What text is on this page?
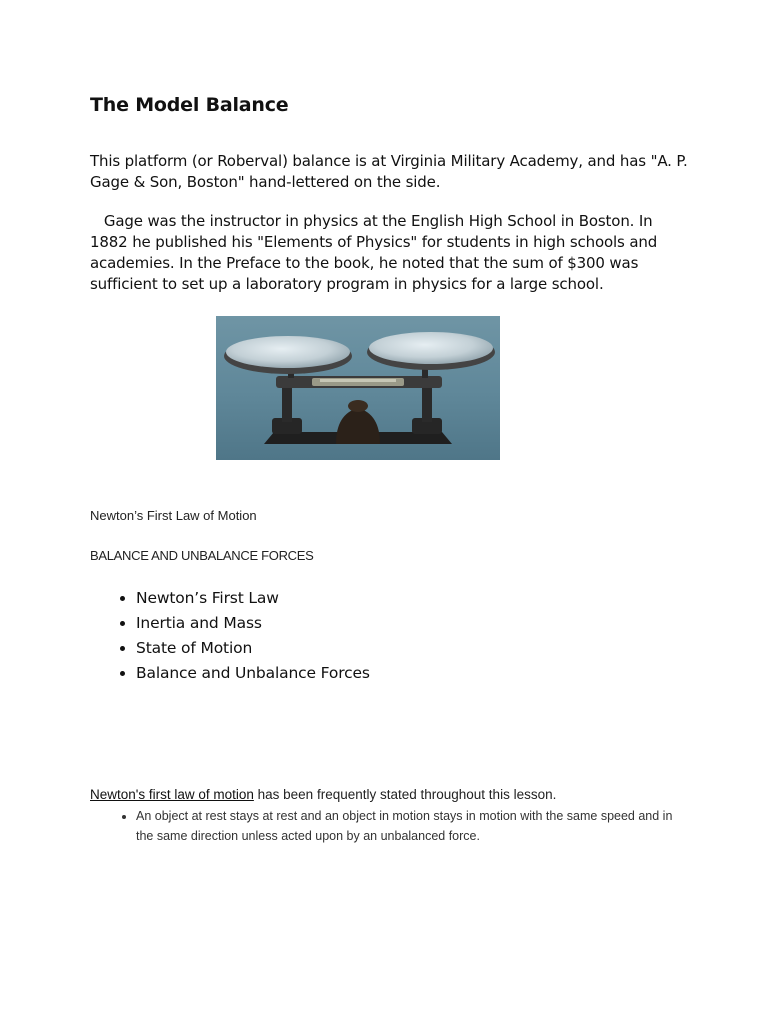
The Model Balance

This platform (or Roberval) balance is at Virginia Military Academy, and has "A. P. Gage & Son, Boston" hand-lettered on the side.

Gage was the instructor in physics at the English High School in Boston. In 1882 he published his "Elements of Physics" for students in high schools and academies. In the Preface to the book, he noted that the sum of $300 was sufficient to set up a laboratory program in physics for a large school.

Newton’s First Law of Motion

BALANCE AND UNBALANCE FORCES

• Newton’s First Law
• Inertia and Mass
• State of Motion
• Balance and Unbalance Forces

Newton's first law of motion has been frequently stated throughout this lesson.

• An object at rest stays at rest and an object in motion stays in motion with the same speed and in the same direction unless acted upon by an unbalanced force.
